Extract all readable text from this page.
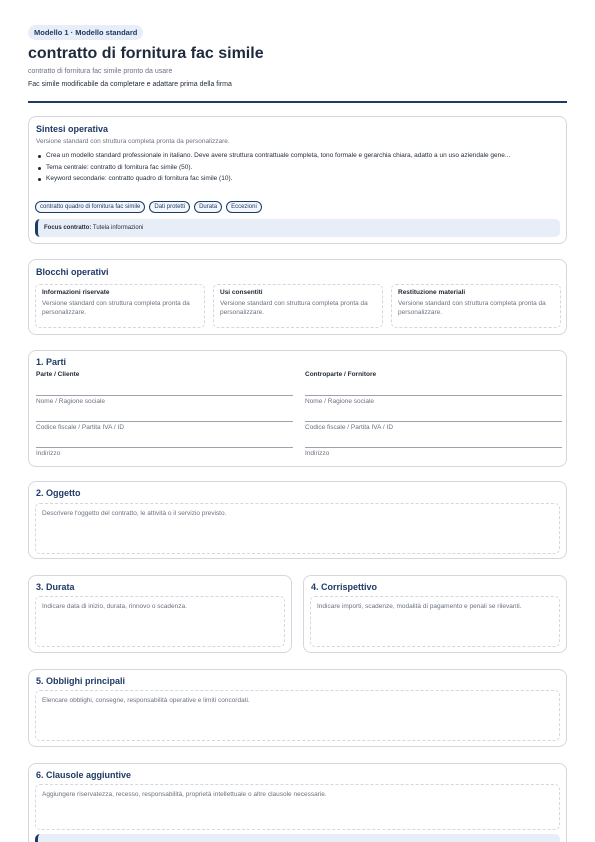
Modello 1 · Modello standard
contratto di fornitura fac simile
contratto di fornitura fac simile pronto da usare
Fac simile modificabile da completare e adattare prima della firma
Sintesi operativa
Versione standard con struttura completa pronta da personalizzare.
Crea un modello standard professionale in italiano. Deve avere struttura contrattuale completa, tono formale e gerarchia chiara, adatto a un uso aziendale gene...
Tema centrale: contratto di fornitura fac simile (50).
Keyword secondarie: contratto quadro di fornitura fac simile (10).
contratto quadro di fornitura fac simile	Dati protetti	Durata	Eccezioni
Focus contratto: Tutela informazioni
Blocchi operativi
Informazioni riservate
Versione standard con struttura completa pronta da personalizzare.
Usi consentiti
Versione standard con struttura completa pronta da personalizzare.
Restituzione materiali
Versione standard con struttura completa pronta da personalizzare.
1. Parti
Parte / Cliente	Controparte / Fornitore
Nome / Ragione sociale	Nome / Ragione sociale
Codice fiscale / Partita IVA / ID	Codice fiscale / Partita IVA / ID
Indirizzo	Indirizzo
2. Oggetto
Descrivere l'oggetto del contratto, le attività o il servizio previsto.
3. Durata
Indicare data di inizio, durata, rinnovo o scadenza.
4. Corrispettivo
Indicare importi, scadenze, modalità di pagamento e penali se rilevanti.
5. Obblighi principali
Elencare obblighi, consegne, responsabilità operative e limiti concordati.
6. Clausole aggiuntive
Aggiungere riservatezza, recesso, responsabilità, proprietà intellettuale o altre clausole necessarie.
